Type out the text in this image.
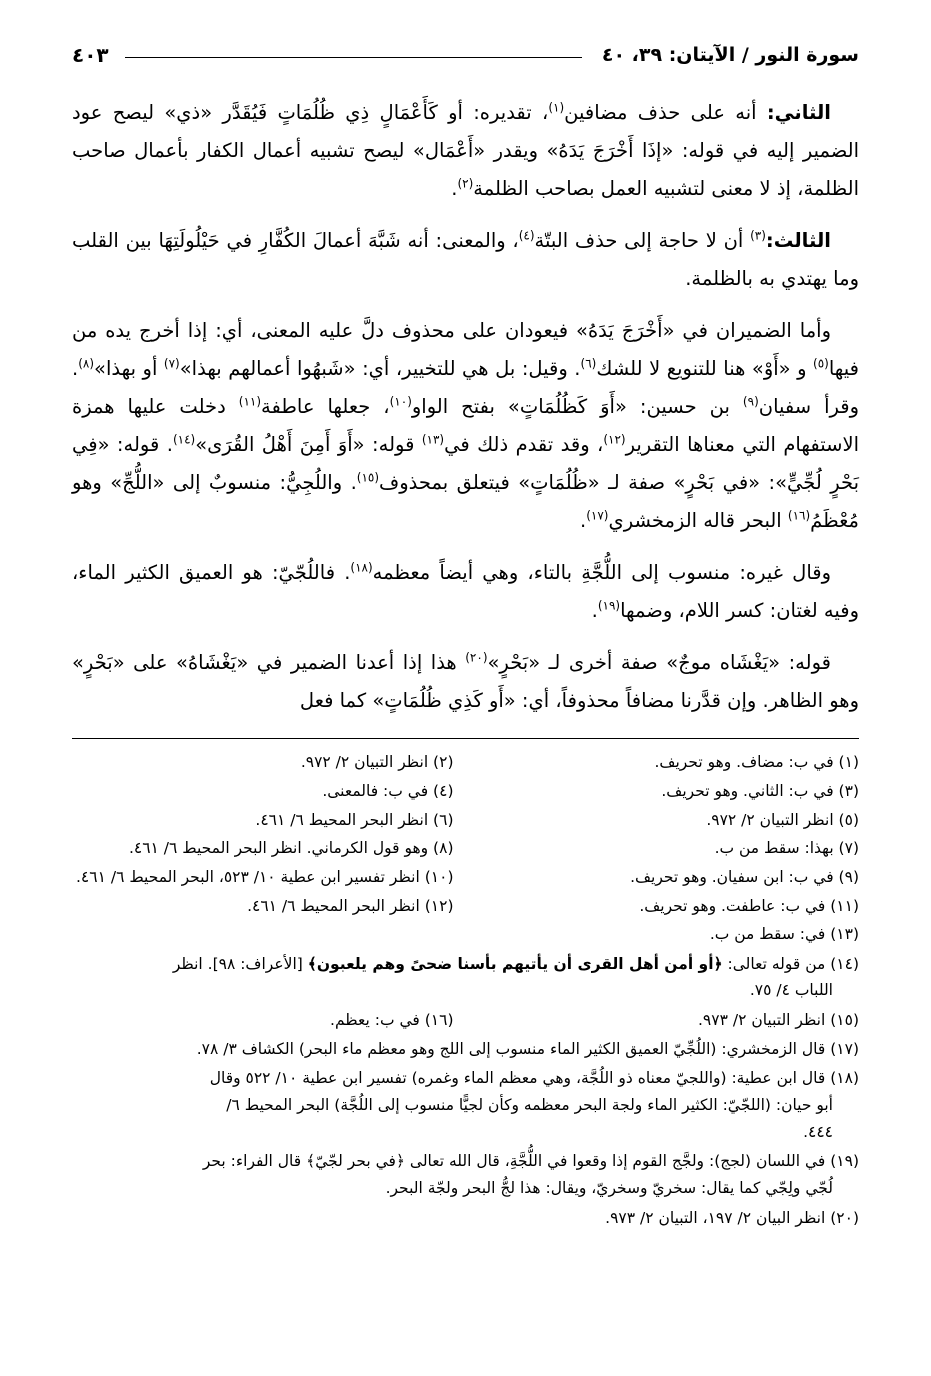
سورة النور / الآيتان: ٣٩، ٤٠
٤٠٣

الثاني: أنه على حذف مضافين$^{(١)}$، تقديره: أو كَأَعْمَالٍ ذِي ظُلُمَاتٍ فَيُقَدَّر «ذي» ليصح عود الضمير إليه في قوله: «إذَا أَخْرَجَ يَدَهُ» ويقدر «أَعْمَال» ليصح تشبيه أعمال الكفار بأعمال صاحب الظلمة، إذ لا معنى لتشبيه العمل بصاحب الظلمة$^{(٢)}$.

الثالث:$^{(٣)}$ أن لا حاجة إلى حذف البتّة$^{(٤)}$، والمعنى: أنه شَبَّهَ أعمالَ الكُفَّارِ في حَيْلُولَتِهَا بين القلب وما يهتدي به بالظلمة.

وأما الضميران في «أَخْرَجَ يَدَهُ» فيعودان على محذوف دلَّ عليه المعنى، أي: إذا أخرج يده من فيها$^{(٥)}$ و «أَوْ» هنا للتنويع لا للشك$^{(٦)}$. وقيل: بل هي للتخيير، أي: «شَبهُوا أعمالهم بهذا»$^{(٧)}$ أو بهذا»$^{(٨)}$. وقرأ سفيان$^{(٩)}$ بن حسين: «أَوَ كَظُلُمَاتٍ» بفتح الواو$^{(١٠)}$، جعلها عاطفة$^{(١١)}$ دخلت عليها همزة الاستفهام التي معناها التقرير$^{(١٢)}$، وقد تقدم ذلك في$^{(١٣)}$ قوله: «أَوَ أَمِنَ أَهْلُ القُرَى»$^{(١٤)}$. قوله: «فِي بَحْرٍ لُجِّيٍّ»: «في بَحْرٍ» صفة لـ «ظُلُمَاتٍ» فيتعلق بمحذوف$^{(١٥)}$. واللُجِيُّ: منسوبٌ إلى «اللُّجِّ» وهو مُعْظَمُ$^{(١٦)}$ البحر قاله الزمخشري$^{(١٧)}$.

وقال غيره: منسوب إلى اللُّجَّةِ بالتاء، وهي أيضاً معظمه$^{(١٨)}$. فاللُجّيّ: هو العميق الكثير الماء، وفيه لغتان: كسر اللام، وضمها$^{(١٩)}$.

قوله: «يَغْشَاه موجٌ» صفة أخرى لـ «بَحْرٍ»$^{(٢٠)}$ هذا إذا أعدنا الضمير في «يَغْشَاهُ» على «بَحْرٍ» وهو الظاهر. وإن قدَّرنا مضافاً محذوفاً، أي: «أَو كَذِي ظُلُمَاتٍ» كما فعل

(١) في ب: مضاف. وهو تحريف.
(٣) في ب: الثاني. وهو تحريف.
(٥) انظر التبيان ٢/ ٩٧٢.
(٧) بهذا: سقط من ب.
(٩) في ب: ابن سفيان. وهو تحريف.
(١١) في ب: عاطفت. وهو تحريف.
(٢) انظر التبيان ٢/ ٩٧٢.
(٤) في ب: فالمعنى.
(٦) انظر البحر المحيط ٦/ ٤٦١.
(٨) وهو قول الكرماني. انظر البحر المحيط ٦/ ٤٦١.
(١٠) انظر تفسير ابن عطية ١٠/ ٥٢٣، البحر المحيط ٦/ ٤٦١.
(١٢) انظر البحر المحيط ٦/ ٤٦١.
(١٣) في: سقط من ب.
(١٤) من قوله تعالى: ﴿أو أمن أهل القرى أن يأتيهم بأسنا ضحىً وهم يلعبون﴾ [الأعراف: ٩٨]. انظر
اللباب ٤/ ٧٥.
(١٥) انظر التبيان ٢/ ٩٧٣.
(١٦) في ب: يعظم.
(١٧) قال الزمخشري: (اللُجِّيّ العميق الكثير الماء منسوب إلى اللج وهو معظم ماء البحر) الكشاف ٣/ ٧٨.
(١٨) قال ابن عطية: (واللجيّ معناه ذو اللُجَّة، وهي معظم الماء وغمره) تفسير ابن عطية ١٠/ ٥٢٢ وقال
أبو حيان: (اللجّيّ: الكثير الماء ولجة البحر معظمه وكأن لجيًّا منسوب إلى اللُجَّة) البحر المحيط ٦/
٤٤٤.
(١٩) في اللسان (لجج): ولجَّج القوم إذا وقعوا في اللُّجَّةِ، قال الله تعالى ﴿في بحر لجّيّ﴾ قال الفراء: بحر
لُجّي ولِجّي كما يقال: سخريّ وسخريّ، ويقال: هذا لجُّ البحر ولجّة البحر.
(٢٠) انظر البيان ٢/ ١٩٧، التبيان ٢/ ٩٧٣.
